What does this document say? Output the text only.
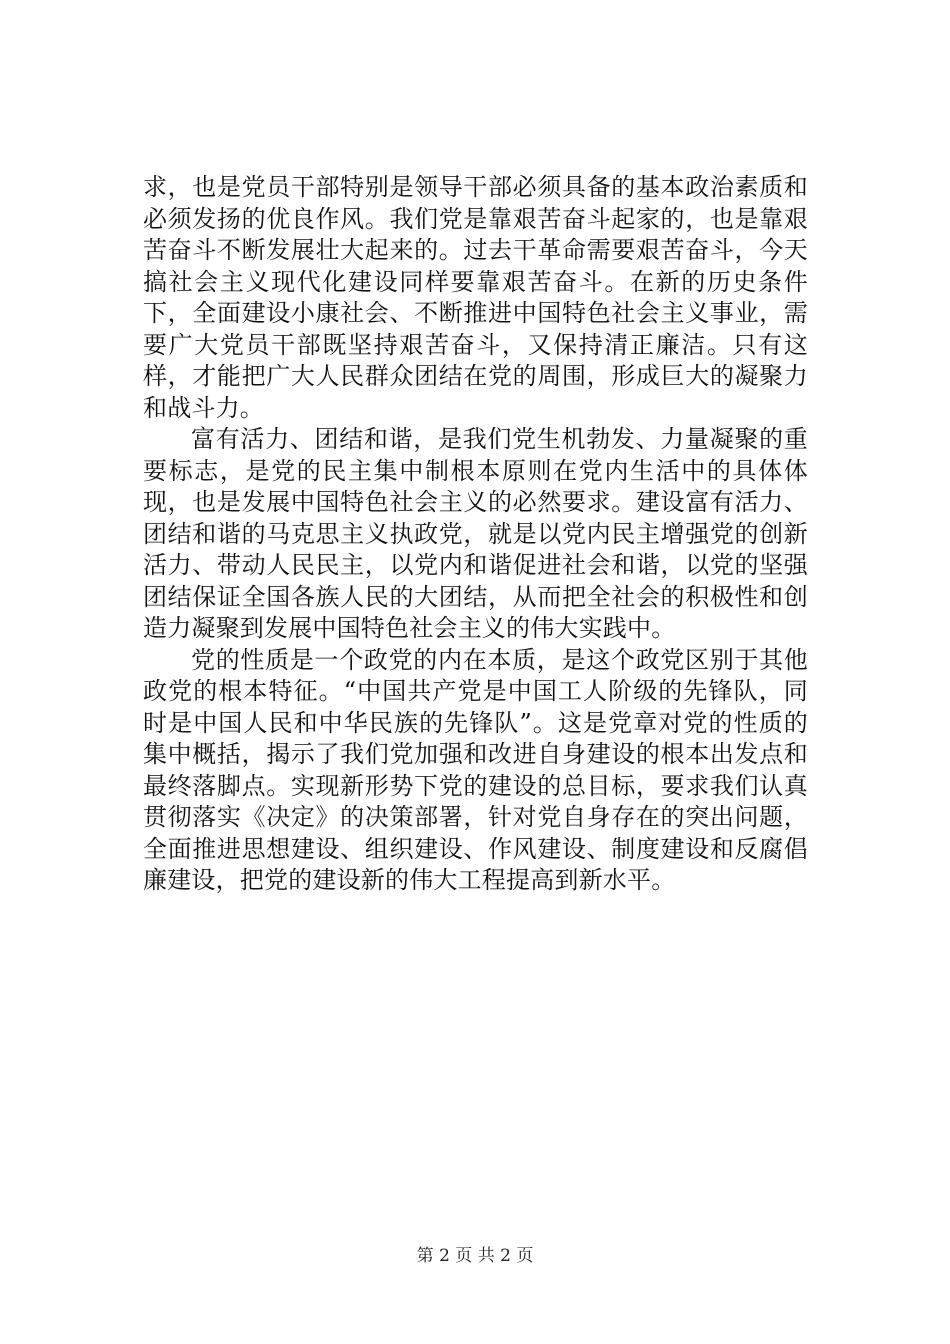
求，也是党员干部特别是领导干部必须具备的基本政治素质和必须发扬的优良作风。我们党是靠艰苦奋斗起家的，也是靠艰苦奋斗不断发展壮大起来的。过去干革命需要艰苦奋斗，今天搞社会主义现代化建设同样要靠艰苦奋斗。在新的历史条件下，全面建设小康社会、不断推进中国特色社会主义事业，需要广大党员干部既坚持艰苦奋斗，又保持清正廉洁。只有这样，才能把广大人民群众团结在党的周围，形成巨大的凝聚力和战斗力。

富有活力、团结和谐，是我们党生机勃发、力量凝聚的重要标志，是党的民主集中制根本原则在党内生活中的具体体现，也是发展中国特色社会主义的必然要求。建设富有活力、团结和谐的马克思主义执政党，就是以党内民主增强党的创新活力、带动人民民主，以党内和谐促进社会和谐，以党的坚强团结保证全国各族人民的大团结，从而把全社会的积极性和创造力凝聚到发展中国特色社会主义的伟大实践中。

党的性质是一个政党的内在本质，是这个政党区别于其他政党的根本特征。“中国共产党是中国工人阶级的先锋队，同时是中国人民和中华民族的先锋队”。这是党章对党的性质的集中概括，揭示了我们党加强和改进自身建设的根本出发点和最终落脚点。实现新形势下党的建设的总目标，要求我们认真贯彻落实《决定》的决策部署，针对党自身存在的突出问题，全面推进思想建设、组织建设、作风建设、制度建设和反腐倡廉建设，把党的建设新的伟大工程提高到新水平。

第 2 页 共 2 页
